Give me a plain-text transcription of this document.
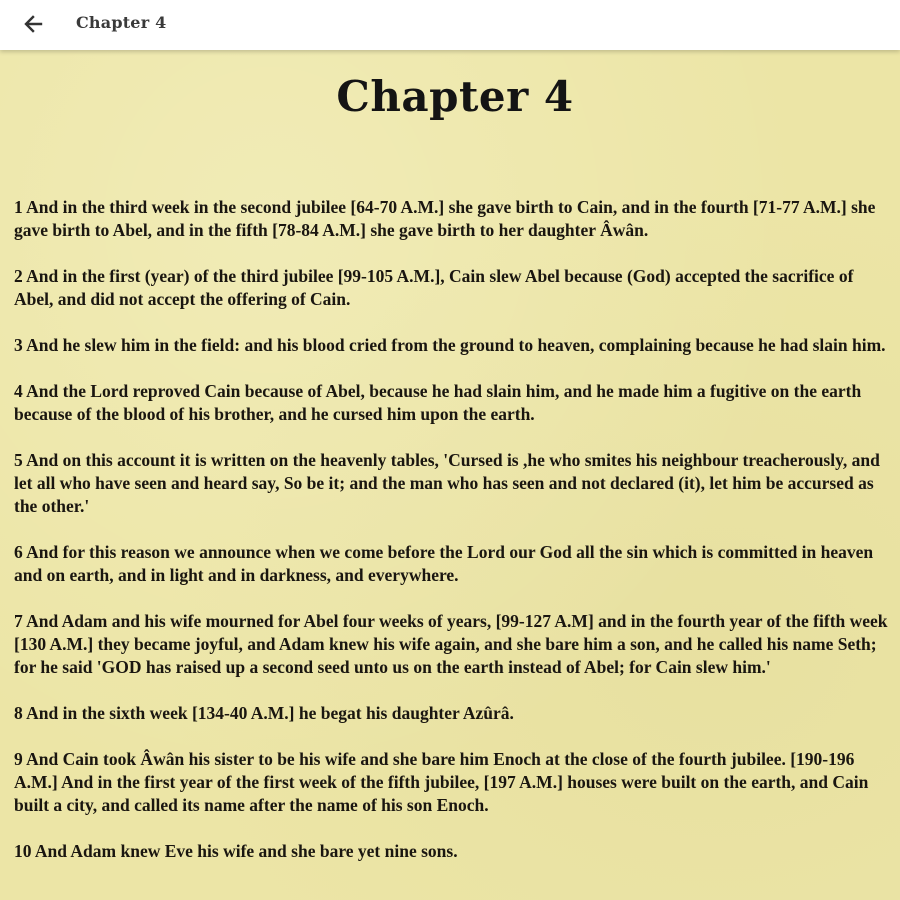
Chapter 4
Chapter 4

1 And in the third week in the second jubilee [64-70 A.M.] she gave birth to Cain, and in the fourth [71-77 A.M.] she gave birth to Abel, and in the fifth [78-84 A.M.] she gave birth to her daughter Âwân.

2 And in the first (year) of the third jubilee [99-105 A.M.], Cain slew Abel because (God) accepted the sacrifice of Abel, and did not accept the offering of Cain.

3 And he slew him in the field: and his blood cried from the ground to heaven, complaining because he had slain him.

4 And the Lord reproved Cain because of Abel, because he had slain him, and he made him a fugitive on the earth because of the blood of his brother, and he cursed him upon the earth.

5 And on this account it is written on the heavenly tables, 'Cursed is ,he who smites his neighbour treacherously, and let all who have seen and heard say, So be it; and the man who has seen and not declared (it), let him be accursed as the other.'

6 And for this reason we announce when we come before the Lord our God all the sin which is committed in heaven and on earth, and in light and in darkness, and everywhere.

7 And Adam and his wife mourned for Abel four weeks of years, [99-127 A.M] and in the fourth year of the fifth week [130 A.M.] they became joyful, and Adam knew his wife again, and she bare him a son, and he called his name Seth; for he said 'GOD has raised up a second seed unto us on the earth instead of Abel; for Cain slew him.'

8 And in the sixth week [134-40 A.M.] he begat his daughter Azûrâ.

9 And Cain took Âwân his sister to be his wife and she bare him Enoch at the close of the fourth jubilee. [190-196 A.M.] And in the first year of the first week of the fifth jubilee, [197 A.M.] houses were built on the earth, and Cain built a city, and called its name after the name of his son Enoch.

10 And Adam knew Eve his wife and she bare yet nine sons.
